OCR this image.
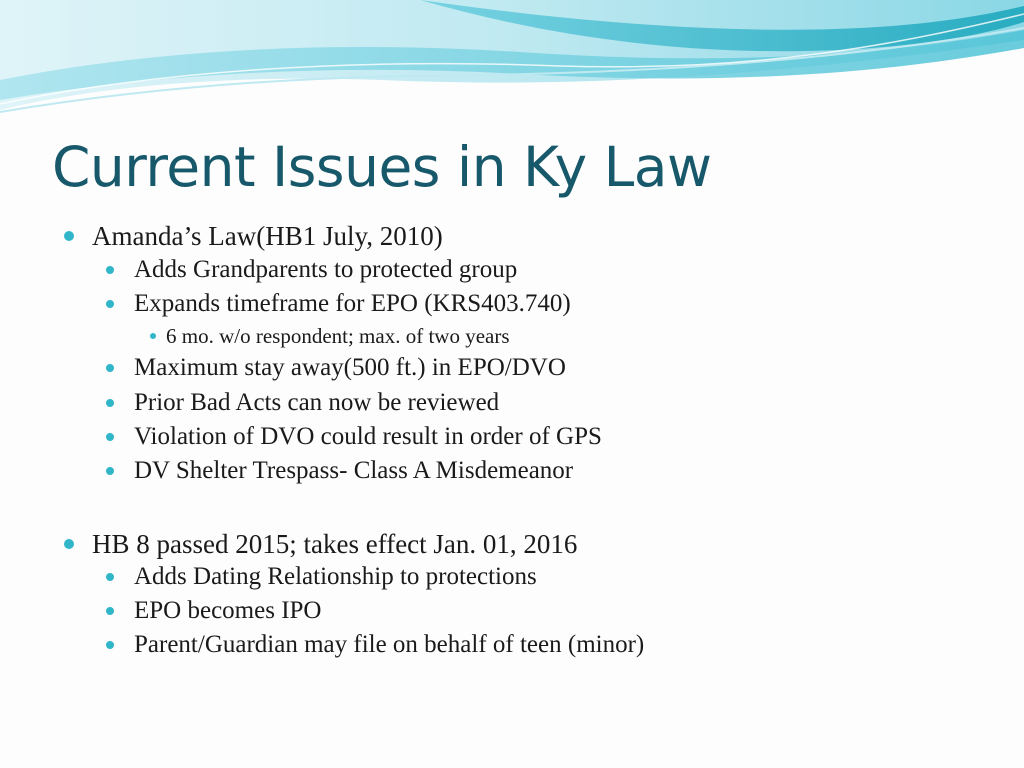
Current Issues in Ky Law
Amanda’s Law(HB1 July, 2010)
Adds Grandparents to protected group
Expands timeframe for EPO (KRS403.740)
6 mo. w/o respondent; max. of two years
Maximum stay away(500 ft.) in EPO/DVO
Prior Bad Acts can now be reviewed
Violation of DVO could result in order of GPS
DV Shelter Trespass- Class A Misdemeanor
HB 8 passed 2015; takes effect Jan. 01, 2016
Adds Dating Relationship to protections
EPO becomes IPO
Parent/Guardian may file on behalf of teen (minor)
